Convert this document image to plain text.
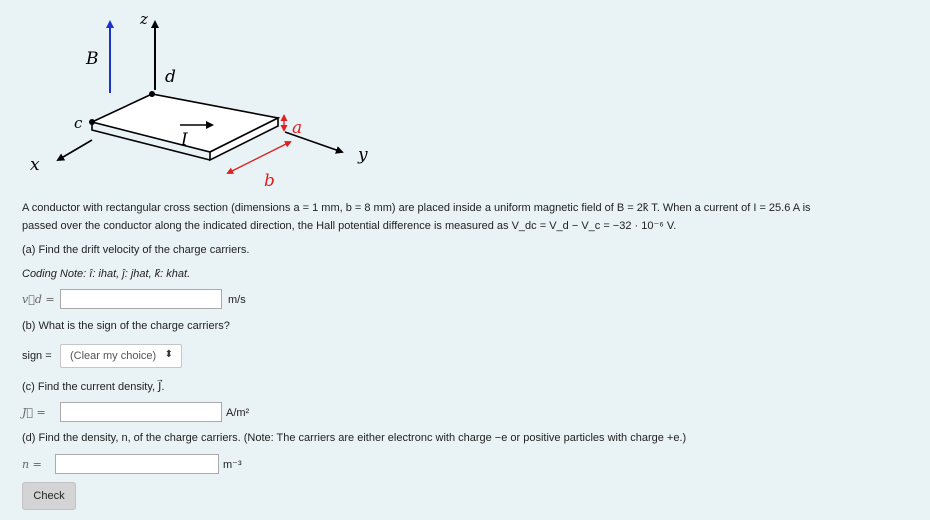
z
B
d
c
I
a
b
y
x
A conductor with rectangular cross section (dimensions a = 1 mm, b = 8 mm) are placed inside a uniform magnetic field of B = 2k̂ T. When a current of I = 25.6 A is
passed over the conductor along the indicated direction, the Hall potential difference is measured as V_dc = V_d − V_c = −32 · 10⁻⁶ V.
(a) Find the drift velocity of the charge carriers.
Coding Note: î: ihat, ĵ: jhat, k̂: khat.
v⃗d =	m/s
(b) What is the sign of the charge carriers?
sign =	(Clear my choice) ⬍
(c) Find the current density, J⃗.
J⃗ =	A/m²
(d) Find the density, n, of the charge carriers. (Note: The carriers are either electronc with charge −e or positive particles with charge +e.)
n =	m⁻³
Check
